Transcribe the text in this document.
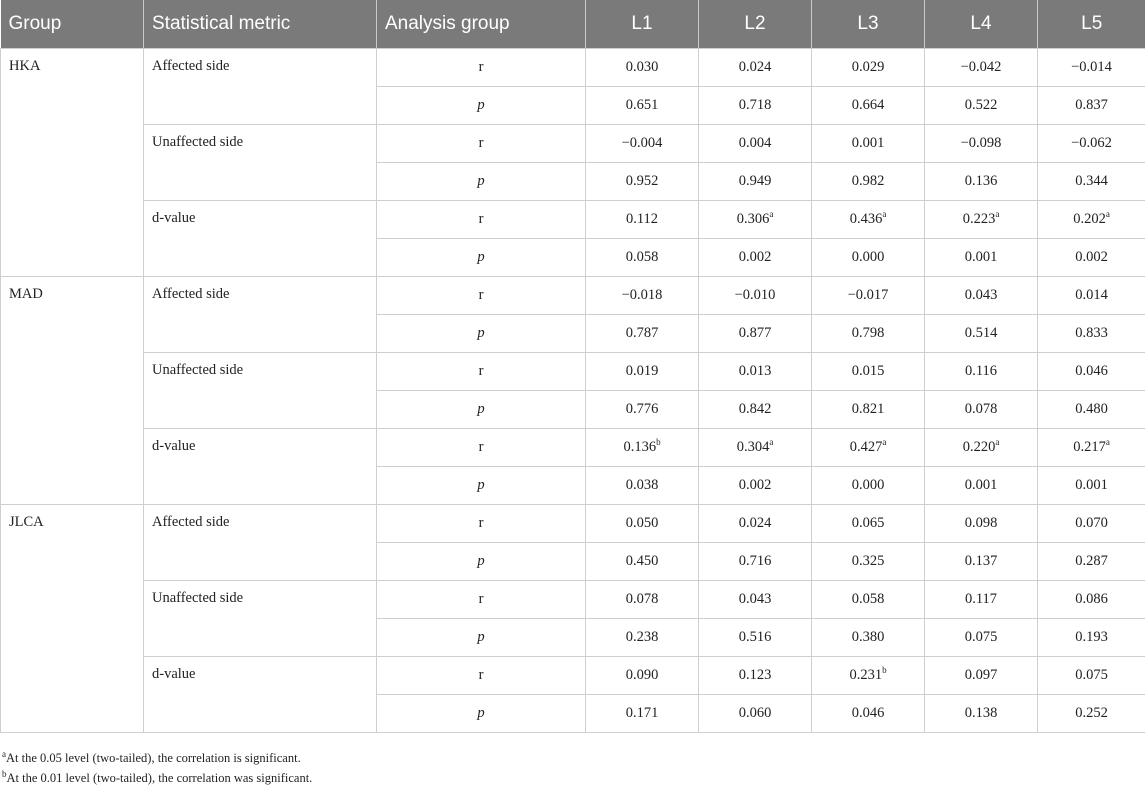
Group	Statistical metric	Analysis group	L1	L2	L3	L4	L5
HKA	Affected side	r	0.030	0.024	0.029	−0.042	−0.014
		p	0.651	0.718	0.664	0.522	0.837
	Unaffected side	r	−0.004	0.004	0.001	−0.098	−0.062
		p	0.952	0.949	0.982	0.136	0.344
	d-value	r	0.112	0.306$^a$	0.436$^a$	0.223$^a$	0.202$^a$
		p	0.058	0.002	0.000	0.001	0.002
MAD	Affected side	r	−0.018	−0.010	−0.017	0.043	0.014
		p	0.787	0.877	0.798	0.514	0.833
	Unaffected side	r	0.019	0.013	0.015	0.116	0.046
		p	0.776	0.842	0.821	0.078	0.480
	d-value	r	0.136$^b$	0.304$^a$	0.427$^a$	0.220$^a$	0.217$^a$
		p	0.038	0.002	0.000	0.001	0.001
JLCA	Affected side	r	0.050	0.024	0.065	0.098	0.070
		p	0.450	0.716	0.325	0.137	0.287
	Unaffected side	r	0.078	0.043	0.058	0.117	0.086
		p	0.238	0.516	0.380	0.075	0.193
	d-value	r	0.090	0.123	0.231$^b$	0.097	0.075
		p	0.171	0.060	0.046	0.138	0.252
$^a$At the 0.05 level (two-tailed), the correlation is significant.
$^b$At the 0.01 level (two-tailed), the correlation was significant.
